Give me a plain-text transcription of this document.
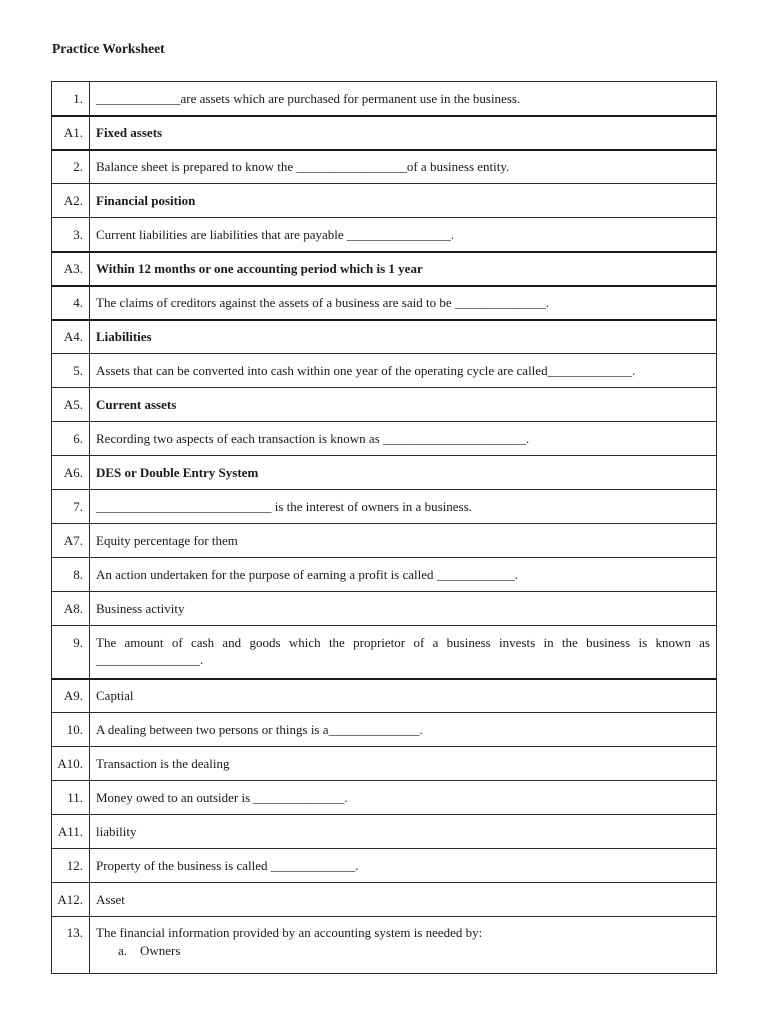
Practice Worksheet
1.	_____________are assets which are purchased for permanent use in the business.
A1.	Fixed assets
2.	Balance sheet is prepared to know the _________________of a business entity.
A2.	Financial position
3.	Current liabilities are liabilities that are payable ________________.
A3.	Within 12 months or one accounting period which is 1 year
4.	The claims of creditors against the assets of a business are said to be ______________.
A4.	Liabilities
5.	Assets that can be converted into cash within one year of the operating cycle are called_____________.
A5.	Current assets
6.	Recording two aspects of each transaction is known as ______________________.
A6.	DES or Double Entry System
7.	___________________________ is the interest of owners in a business.
A7.	Equity percentage for them
8.	An action undertaken for the purpose of earning a profit is called ____________.
A8.	Business activity
9.	The amount of cash and goods which the proprietor of a business invests in the business is known as ________________.
A9.	Captial
10.	A dealing between two persons or things is a______________.
A10.	Transaction is the dealing
11.	Money owed to an outsider is ______________.
A11.	liability
12.	Property of the business is called _____________.
A12.	Asset
13.	The financial information provided by an accounting system is needed by:
a. Owners
